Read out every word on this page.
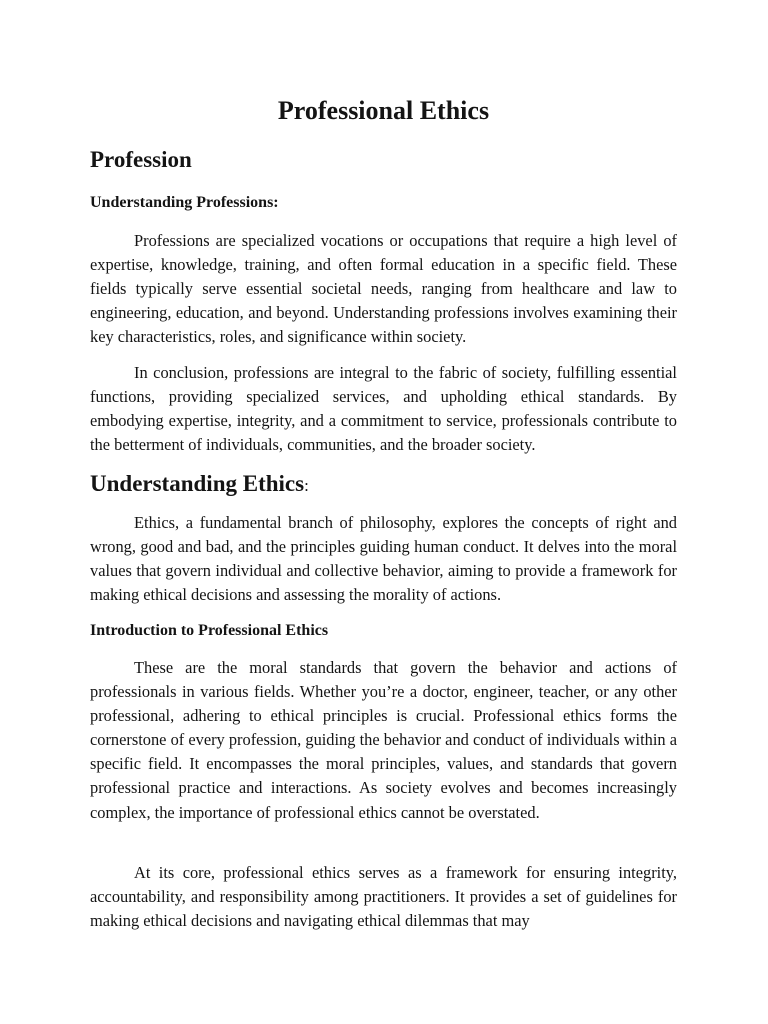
Professional Ethics
Profession
Understanding Professions:

Professions are specialized vocations or occupations that require a high level of expertise, knowledge, training, and often formal education in a specific field. These fields typically serve essential societal needs, ranging from healthcare and law to engineering, education, and beyond. Understanding professions involves examining their key characteristics, roles, and significance within society.

In conclusion, professions are integral to the fabric of society, fulfilling essential functions, providing specialized services, and upholding ethical standards. By embodying expertise, integrity, and a commitment to service, professionals contribute to the betterment of individuals, communities, and the broader society.

Understanding Ethics:

Ethics, a fundamental branch of philosophy, explores the concepts of right and wrong, good and bad, and the principles guiding human conduct. It delves into the moral values that govern individual and collective behavior, aiming to provide a framework for making ethical decisions and assessing the morality of actions.

Introduction to Professional Ethics

These are the moral standards that govern the behavior and actions of professionals in various fields. Whether you’re a doctor, engineer, teacher, or any other professional, adhering to ethical principles is crucial. Professional ethics forms the cornerstone of every profession, guiding the behavior and conduct of individuals within a specific field. It encompasses the moral principles, values, and standards that govern professional practice and interactions. As society evolves and becomes increasingly complex, the importance of professional ethics cannot be overstated.

At its core, professional ethics serves as a framework for ensuring integrity, accountability, and responsibility among practitioners. It provides a set of guidelines for making ethical decisions and navigating ethical dilemmas that may
